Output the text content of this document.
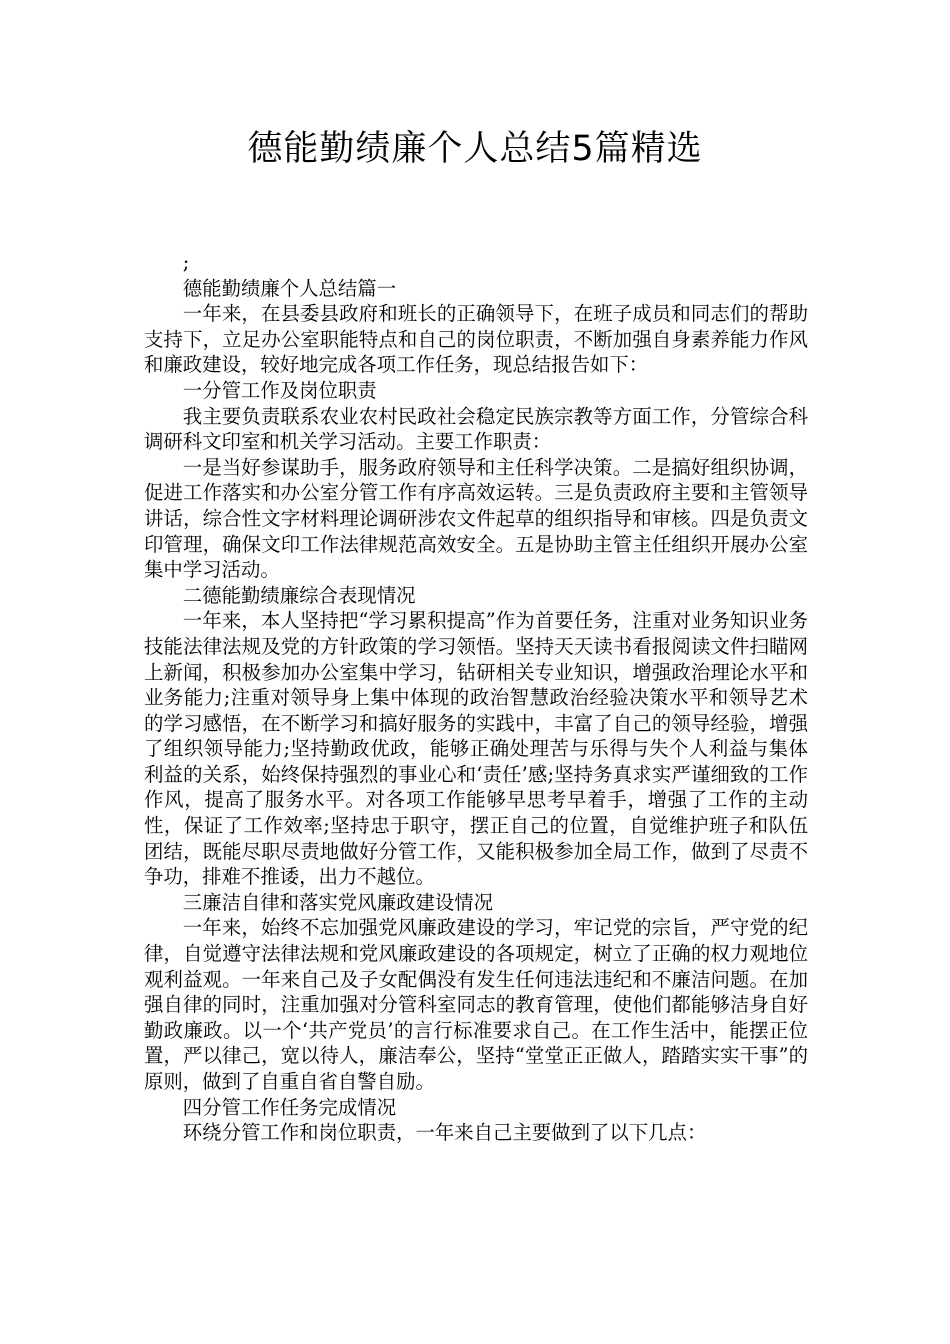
德能勤绩廉个人总结5篇精选

;

德能勤绩廉个人总结篇一

一年来，在县委县政府和班长的正确领导下，在班子成员和同志们的帮助支持下，立足办公室职能特点和自己的岗位职责，不断加强自身素养能力作风和廉政建设，较好地完成各项工作任务，现总结报告如下：

一分管工作及岗位职责

我主要负责联系农业农村民政社会稳定民族宗教等方面工作，分管综合科调研科文印室和机关学习活动。主要工作职责：

一是当好参谋助手，服务政府领导和主任科学决策。二是搞好组织协调，促进工作落实和办公室分管工作有序高效运转。三是负责政府主要和主管领导讲话，综合性文字材料理论调研涉农文件起草的组织指导和审核。四是负责文印管理，确保文印工作法律规范高效安全。五是协助主管主任组织开展办公室集中学习活动。

二德能勤绩廉综合表现情况

一年来，本人坚持把“学习累积提高”作为首要任务，注重对业务知识业务技能法律法规及党的方针政策的学习领悟。坚持天天读书看报阅读文件扫瞄网上新闻，积极参加办公室集中学习，钻研相关专业知识，增强政治理论水平和业务能力;注重对领导身上集中体现的政治智慧政治经验决策水平和领导艺术的学习感悟，在不断学习和搞好服务的实践中，丰富了自己的领导经验，增强了组织领导能力;坚持勤政优政，能够正确处理苦与乐得与失个人利益与集体利益的关系，始终保持强烈的事业心和‘责任’感;坚持务真求实严谨细致的工作作风，提高了服务水平。对各项工作能够早思考早着手，增强了工作的主动性，保证了工作效率;坚持忠于职守，摆正自己的位置，自觉维护班子和队伍团结，既能尽职尽责地做好分管工作，又能积极参加全局工作，做到了尽责不争功，排难不推诿，出力不越位。

三廉洁自律和落实党风廉政建设情况

一年来，始终不忘加强党风廉政建设的学习，牢记党的宗旨，严守党的纪律，自觉遵守法律法规和党风廉政建设的各项规定，树立了正确的权力观地位观利益观。一年来自己及子女配偶没有发生任何违法违纪和不廉洁问题。在加强自律的同时，注重加强对分管科室同志的教育管理，使他们都能够洁身自好勤政廉政。以一个‘共产党员’的言行标准要求自己。在工作生活中，能摆正位置，严以律己，宽以待人，廉洁奉公，坚持“堂堂正正做人，踏踏实实干事”的原则，做到了自重自省自警自励。

四分管工作任务完成情况

环绕分管工作和岗位职责，一年来自己主要做到了以下几点：
